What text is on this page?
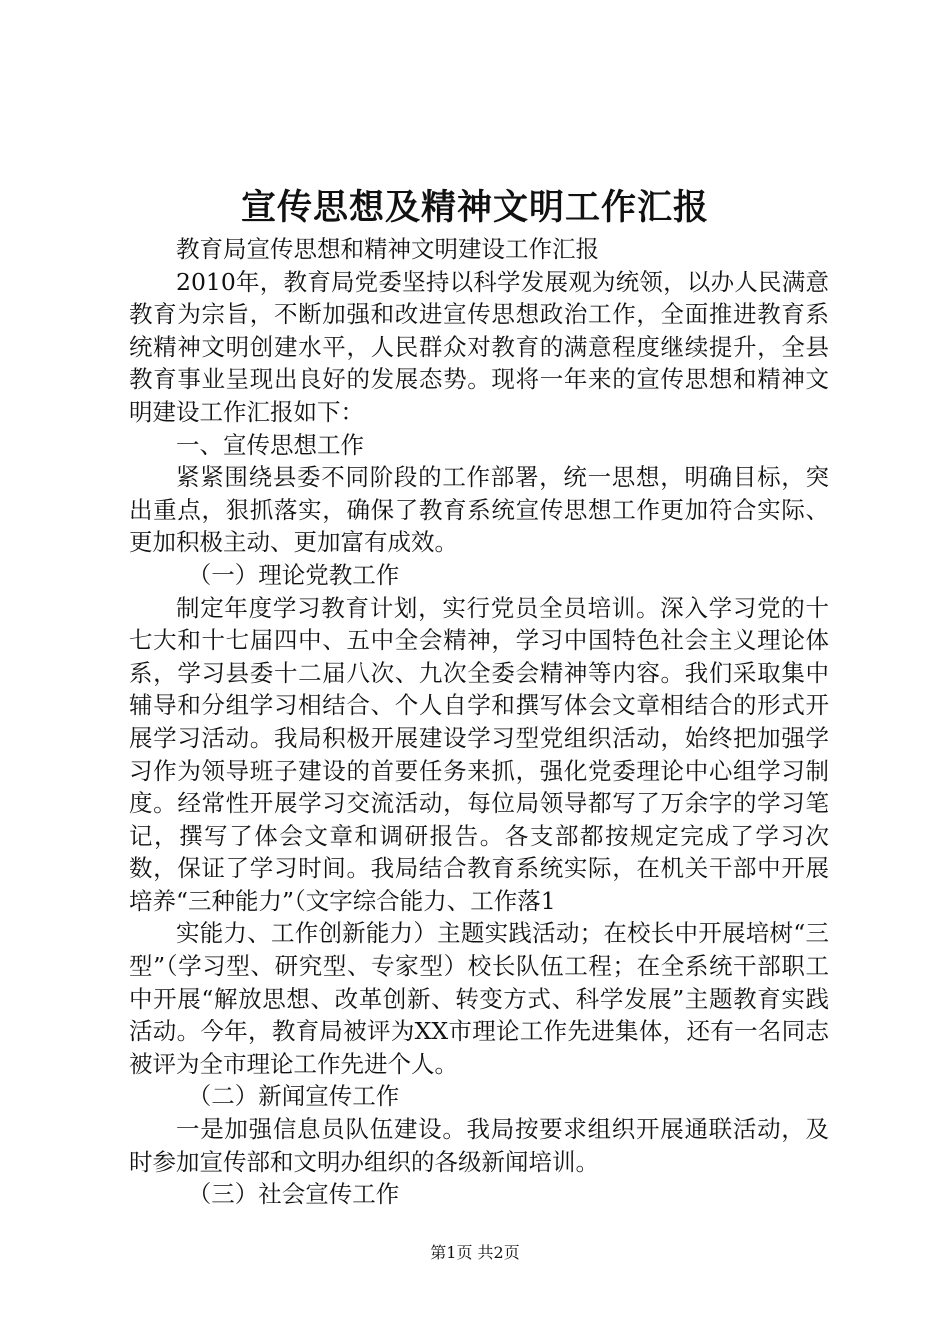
宣传思想及精神文明工作汇报

教育局宣传思想和精神文明建设工作汇报

2010年，教育局党委坚持以科学发展观为统领，以办人民满意教育为宗旨，不断加强和改进宣传思想政治工作，全面推进教育系统精神文明创建水平，人民群众对教育的满意程度继续提升，全县教育事业呈现出良好的发展态势。现将一年来的宣传思想和精神文明建设工作汇报如下：

一、宣传思想工作

紧紧围绕县委不同阶段的工作部署，统一思想，明确目标，突出重点，狠抓落实，确保了教育系统宣传思想工作更加符合实际、更加积极主动、更加富有成效。

（一）理论党教工作

制定年度学习教育计划，实行党员全员培训。深入学习党的十七大和十七届四中、五中全会精神，学习中国特色社会主义理论体系，学习县委十二届八次、九次全委会精神等内容。我们采取集中辅导和分组学习相结合、个人自学和撰写体会文章相结合的形式开展学习活动。我局积极开展建设学习型党组织活动，始终把加强学习作为领导班子建设的首要任务来抓，强化党委理论中心组学习制度。经常性开展学习交流活动，每位局领导都写了万余字的学习笔记，撰写了体会文章和调研报告。各支部都按规定完成了学习次数，保证了学习时间。我局结合教育系统实际，在机关干部中开展培养“三种能力”（文字综合能力、工作落1

实能力、工作创新能力）主题实践活动；在校长中开展培树“三型”（学习型、研究型、专家型）校长队伍工程；在全系统干部职工中开展“解放思想、改革创新、转变方式、科学发展”主题教育实践活动。今年，教育局被评为XX市理论工作先进集体，还有一名同志被评为全市理论工作先进个人。

（二）新闻宣传工作

一是加强信息员队伍建设。我局按要求组织开展通联活动，及时参加宣传部和文明办组织的各级新闻培训。

（三）社会宣传工作

第1页 共2页
